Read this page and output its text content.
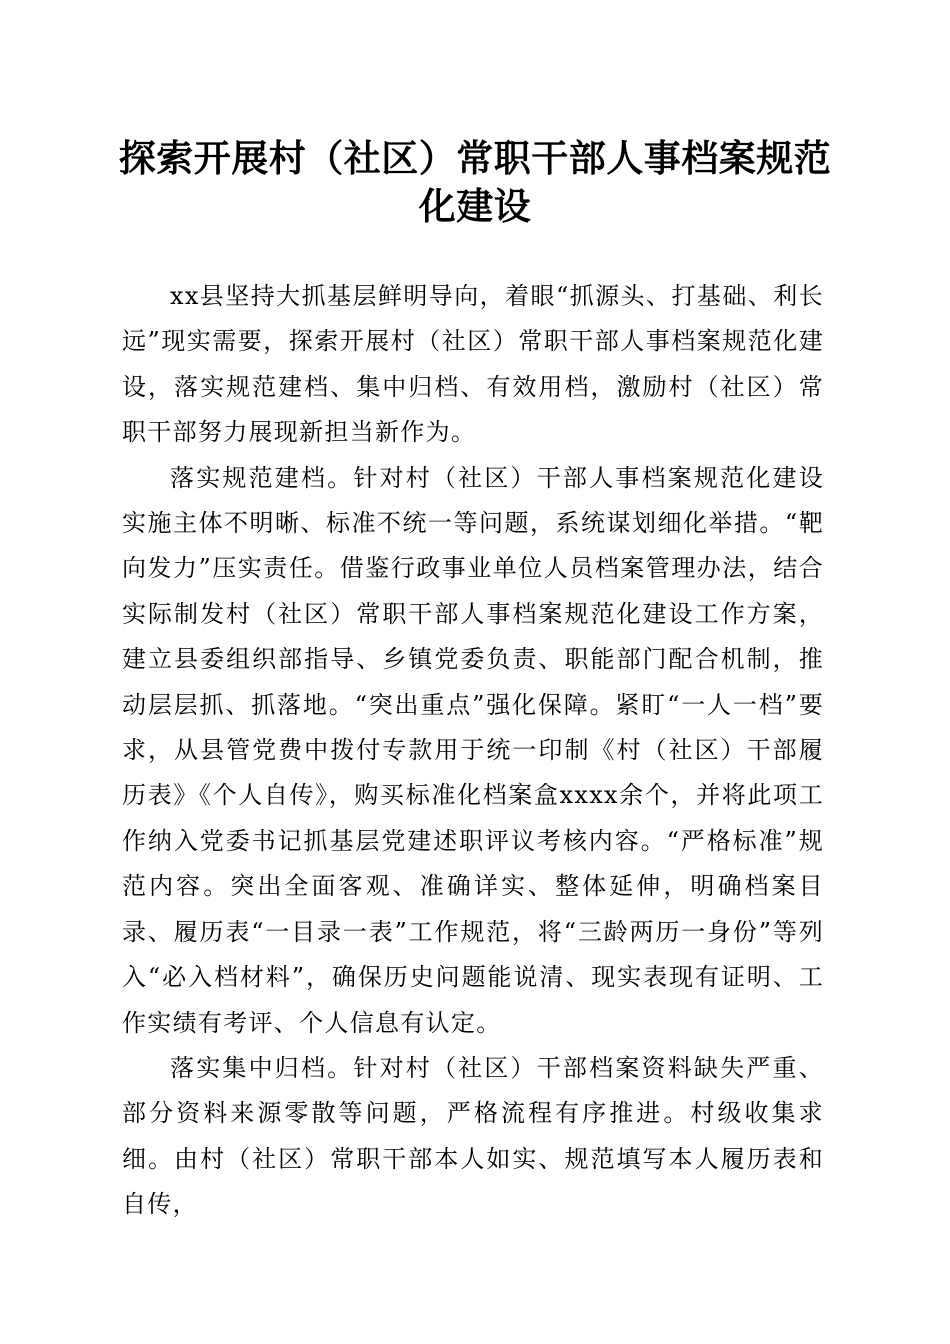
探索开展村（社区）常职干部人事档案规范化建设

xx县坚持大抓基层鲜明导向，着眼“抓源头、打基础、利长远”现实需要，探索开展村（社区）常职干部人事档案规范化建设，落实规范建档、集中归档、有效用档，激励村（社区）常职干部努力展现新担当新作为。

落实规范建档。针对村（社区）干部人事档案规范化建设实施主体不明晰、标准不统一等问题，系统谋划细化举措。“靶向发力”压实责任。借鉴行政事业单位人员档案管理办法，结合实际制发村（社区）常职干部人事档案规范化建设工作方案，建立县委组织部指导、乡镇党委负责、职能部门配合机制，推动层层抓、抓落地。“突出重点”强化保障。紧盯“一人一档”要求，从县管党费中拨付专款用于统一印制《村（社区）干部履历表》《个人自传》，购买标准化档案盒xxxx余个，并将此项工作纳入党委书记抓基层党建述职评议考核内容。“严格标准”规范内容。突出全面客观、准确详实、整体延伸，明确档案目录、履历表“一目录一表”工作规范，将“三龄两历一身份”等列入“必入档材料”，确保历史问题能说清、现实表现有证明、工作实绩有考评、个人信息有认定。

落实集中归档。针对村（社区）干部档案资料缺失严重、部分资料来源零散等问题，严格流程有序推进。村级收集求细。由村（社区）常职干部本人如实、规范填写本人履历表和自传，
